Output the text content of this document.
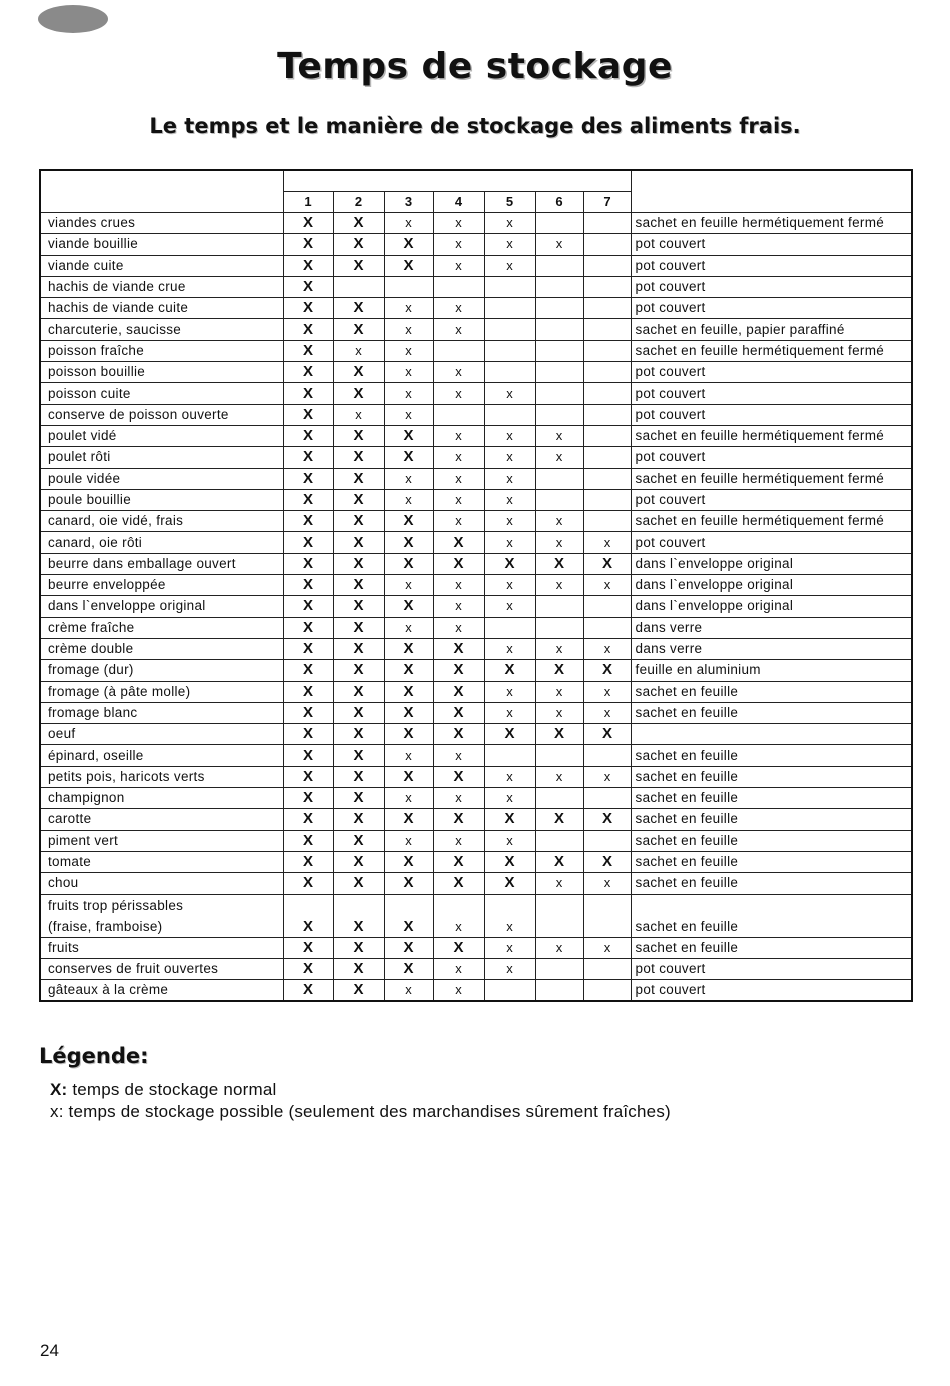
Temps de stockage
Le temps et le manière de stockage des aliments frais.

	1	2	3	4	5	6	7	
viandes crues	X	X	x	x	x			sachet en feuille hermétiquement fermé
viande bouillie	X	X	X	x	x	x		pot couvert
viande cuite	X	X	X	x	x			pot couvert
hachis de viande crue	X							pot couvert
hachis de viande cuite	X	X	x	x				pot couvert
charcuterie, saucisse	X	X	x	x				sachet en feuille, papier paraffiné
poisson fraîche	X	x	x					sachet en feuille hermétiquement fermé
poisson bouillie	X	X	x	x				pot couvert
poisson cuite	X	X	x	x	x			pot couvert
conserve de poisson ouverte	X	x	x					pot couvert
poulet vidé	X	X	X	x	x	x		sachet en feuille hermétiquement fermé
poulet rôti	X	X	X	x	x	x		pot couvert
poule vidée	X	X	x	x	x			sachet en feuille hermétiquement fermé
poule bouillie	X	X	x	x	x			pot couvert
canard, oie vidé, frais	X	X	X	x	x	x		sachet en feuille hermétiquement fermé
canard, oie rôti	X	X	X	X	x	x	x	pot couvert
beurre dans emballage ouvert	X	X	X	X	X	X	X	dans l`enveloppe original
beurre enveloppée	X	X	x	x	x	x	x	dans l`enveloppe original
dans l`enveloppe original	X	X	X	x	x			dans l`enveloppe original
crème fraîche	X	X	x	x				dans verre
crème double	X	X	X	X	x	x	x	dans verre
fromage (dur)	X	X	X	X	X	X	X	feuille en aluminium
fromage (à pâte molle)	X	X	X	X	x	x	x	sachet en feuille
fromage blanc	X	X	X	X	x	x	x	sachet en feuille
oeuf	X	X	X	X	X	X	X	
épinard, oseille	X	X	x	x				sachet en feuille
petits pois, haricots verts	X	X	X	X	x	x	x	sachet en feuille
champignon	X	X	x	x	x			sachet en feuille
carotte	X	X	X	X	X	X	X	sachet en feuille
piment vert	X	X	x	x	x			sachet en feuille
tomate	X	X	X	X	X	X	X	sachet en feuille
chou	X	X	X	X	X	x	x	sachet en feuille

fruits trop périssables
(fraise, framboise)	X	X	X	x	x			sachet en feuille
fruits	X	X	X	X	x	x	x	sachet en feuille
conserves de fruit ouvertes	X	X	X	x	x			pot couvert
gâteaux à la crème	X	X	x	x				pot couvert
Légende:
X: temps de stockage normal
x: temps de stockage possible (seulement des marchandises sûrement fraîches)
24
